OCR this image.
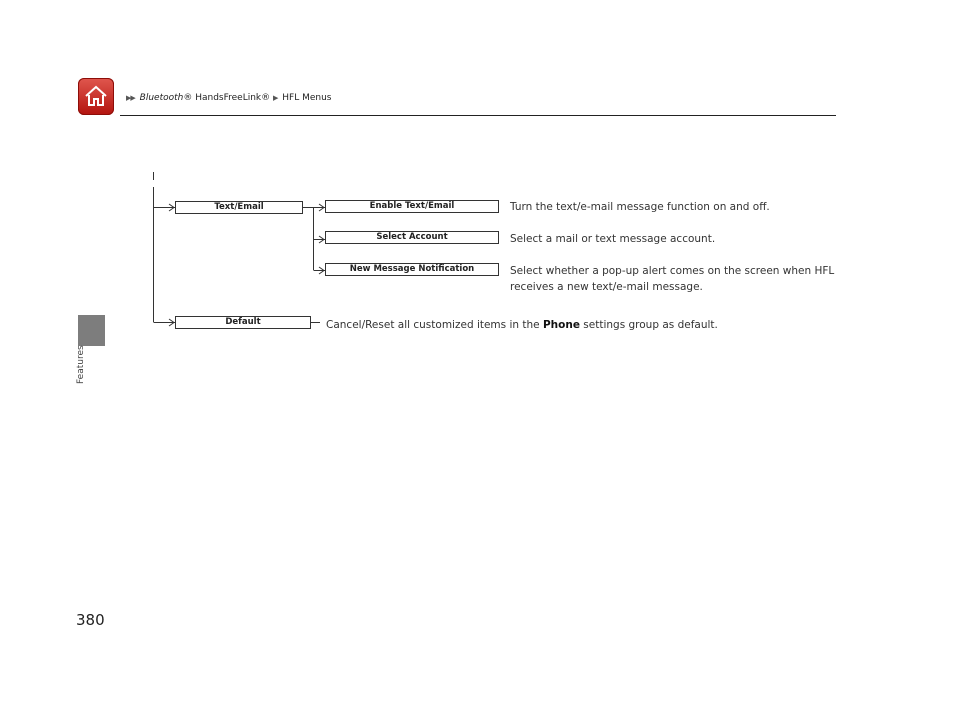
▶▶ Bluetooth® HandsFreeLink® ▶ HFL Menus
Features
380
Text/Email	Enable Text/Email
Select Account
New Message Notification
Default
Turn the text/e-mail message function on and off.
Select a mail or text message account.
Select whether a pop-up alert comes on the screen when HFL
receives a new text/e-mail message.
Cancel/Reset all customized items in the Phone settings group as default.
